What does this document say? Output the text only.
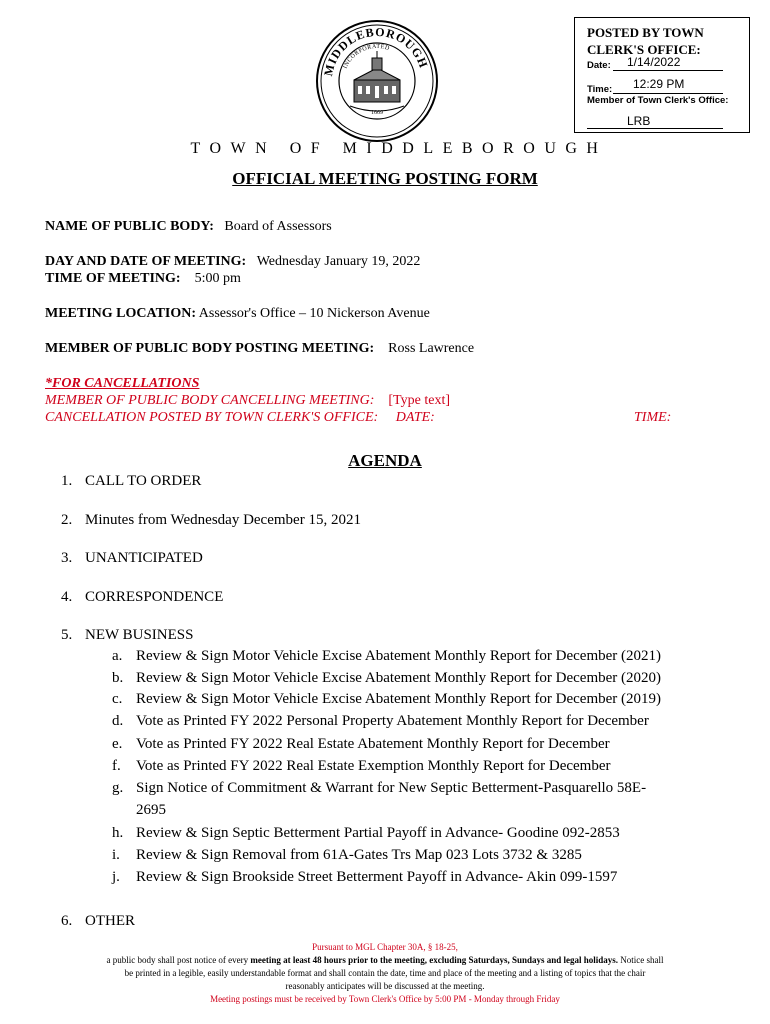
POSTED BY TOWN
CLERK'S OFFICE:
Date: 1/14/2022
Time: 12:29 PM
Member of Town Clerk's Office:
LRB
MIDDLEBOROUGH
INCORPORATED
1669
TOWN OF MIDDLEBOROUGH
OFFICIAL MEETING POSTING FORM
NAME OF PUBLIC BODY: Board of Assessors
DAY AND DATE OF MEETING: Wednesday January 19, 2022
TIME OF MEETING: 5:00 pm
MEETING LOCATION: Assessor's Office – 10 Nickerson Avenue
MEMBER OF PUBLIC BODY POSTING MEETING: Ross Lawrence
*FOR CANCELLATIONS
MEMBER OF PUBLIC BODY CANCELLING MEETING: [Type text]
CANCELLATION POSTED BY TOWN CLERK'S OFFICE: DATE:	TIME:
AGENDA
1. CALL TO ORDER
2. Minutes from Wednesday December 15, 2021
3. UNANTICIPATED
4. CORRESPONDENCE
5. NEW BUSINESS
a. Review & Sign Motor Vehicle Excise Abatement Monthly Report for December (2021)
b. Review & Sign Motor Vehicle Excise Abatement Monthly Report for December (2020)
c. Review & Sign Motor Vehicle Excise Abatement Monthly Report for December (2019)
d. Vote as Printed FY 2022 Personal Property Abatement Monthly Report for December
e. Vote as Printed FY 2022 Real Estate Abatement Monthly Report for December
f. Vote as Printed FY 2022 Real Estate Exemption Monthly Report for December
g. Sign Notice of Commitment & Warrant for New Septic Betterment-Pasquarello 58E-
2695
h. Review & Sign Septic Betterment Partial Payoff in Advance- Goodine 092-2853
i. Review & Sign Removal from 61A-Gates Trs Map 023 Lots 3732 & 3285
j. Review & Sign Brookside Street Betterment Payoff in Advance- Akin 099-1597
6. OTHER
Pursuant to MGL Chapter 30A, § 18-25,
a public body shall post notice of every meeting at least 48 hours prior to the meeting, excluding Saturdays, Sundays and legal holidays. Notice shall
be printed in a legible, easily understandable format and shall contain the date, time and place of the meeting and a listing of topics that the chair
reasonably anticipates will be discussed at the meeting.
Meeting postings must be received by Town Clerk's Office by 5:00 PM - Monday through Friday
